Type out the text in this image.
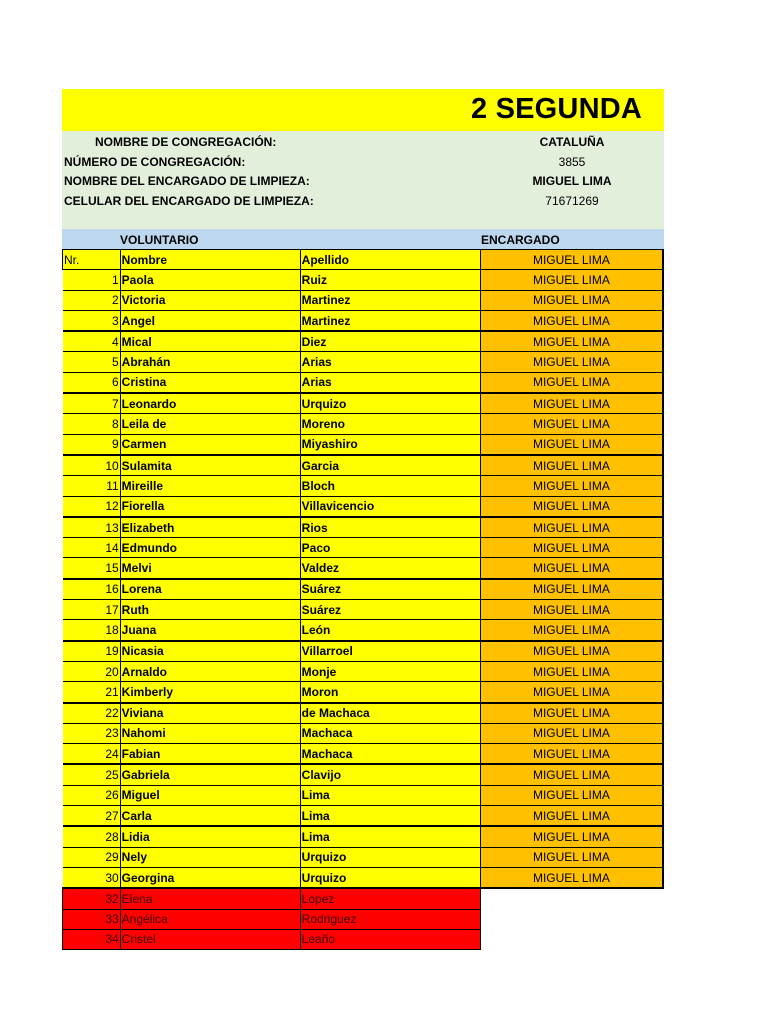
2 SEGUNDA
NOMBRE DE CONGREGACIÓN:	CATALUÑA
NÚMERO DE CONGREGACIÓN:	3855
NOMBRE DEL ENCARGADO DE LIMPIEZA:	MIGUEL LIMA
CELULAR DEL ENCARGADO DE LIMPIEZA:	71671269
VOLUNTARIO	ENCARGADO
Nr.	Nombre	Apellido	MIGUEL LIMA
1	Paola	Ruiz	MIGUEL LIMA
2	Victoria	Martinez	MIGUEL LIMA
3	Angel	Martinez	MIGUEL LIMA
4	Mical	Diez	MIGUEL LIMA
5	Abrahán	Arias	MIGUEL LIMA
6	Cristina	Arias	MIGUEL LIMA
7	Leonardo	Urquizo	MIGUEL LIMA
8	Leila de	Moreno	MIGUEL LIMA
9	Carmen	Miyashiro	MIGUEL LIMA
10	Sulamita	Garcia	MIGUEL LIMA
11	Mireille	Bloch	MIGUEL LIMA
12	Fiorella	Villavicencio	MIGUEL LIMA
13	Elizabeth	Rios	MIGUEL LIMA
14	Edmundo	Paco	MIGUEL LIMA
15	Melvi	Valdez	MIGUEL LIMA
16	Lorena	Suárez	MIGUEL LIMA
17	Ruth	Suárez	MIGUEL LIMA
18	Juana	León	MIGUEL LIMA
19	Nicasia	Villarroel	MIGUEL LIMA
20	Arnaldo	Monje	MIGUEL LIMA
21	Kimberly	Moron	MIGUEL LIMA
22	Viviana	de Machaca	MIGUEL LIMA
23	Nahomi	Machaca	MIGUEL LIMA
24	Fabian	Machaca	MIGUEL LIMA
25	Gabriela	Clavijo	MIGUEL LIMA
26	Miguel	Lima	MIGUEL LIMA
27	Carla	Lima	MIGUEL LIMA
28	Lidia	Lima	MIGUEL LIMA
29	Nely	Urquizo	MIGUEL LIMA
30	Georgina	Urquizo	MIGUEL LIMA
32	Elena	Lopez	
33	Angélica	Rodriguez	
34	Cristel	Leaño	
